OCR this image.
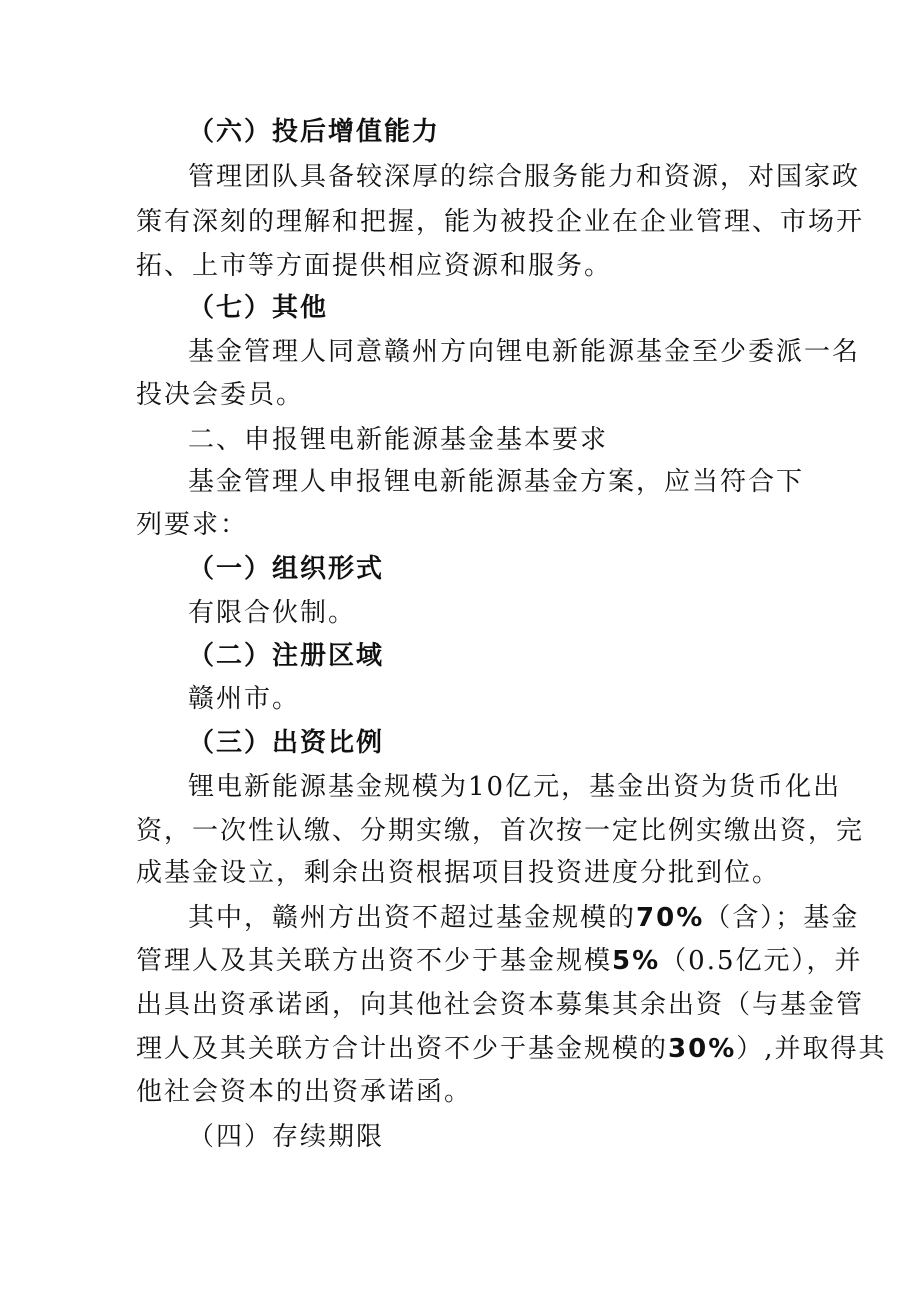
（六）投后增值能力
管理团队具备较深厚的综合服务能力和资源，对国家政
策有深刻的理解和把握，能为被投企业在企业管理、市场开
拓、上市等方面提供相应资源和服务。
（七）其他
基金管理人同意赣州方向锂电新能源基金至少委派一名
投决会委员。
二、申报锂电新能源基金基本要求
基金管理人申报锂电新能源基金方案，应当符合下
列要求：
（一）组织形式
有限合伙制。
（二）注册区域
赣州市。
（三）出资比例
锂电新能源基金规模为10亿元，基金出资为货币化出
资，一次性认缴、分期实缴，首次按一定比例实缴出资，完
成基金设立，剩余出资根据项目投资进度分批到位。
其中，赣州方出资不超过基金规模的70%（含）；基金
管理人及其关联方出资不少于基金规模5%（0.5亿元），并
出具出资承诺函，向其他社会资本募集其余出资（与基金管
理人及其关联方合计出资不少于基金规模的30%）,并取得其
他社会资本的出资承诺函。
（四）存续期限
